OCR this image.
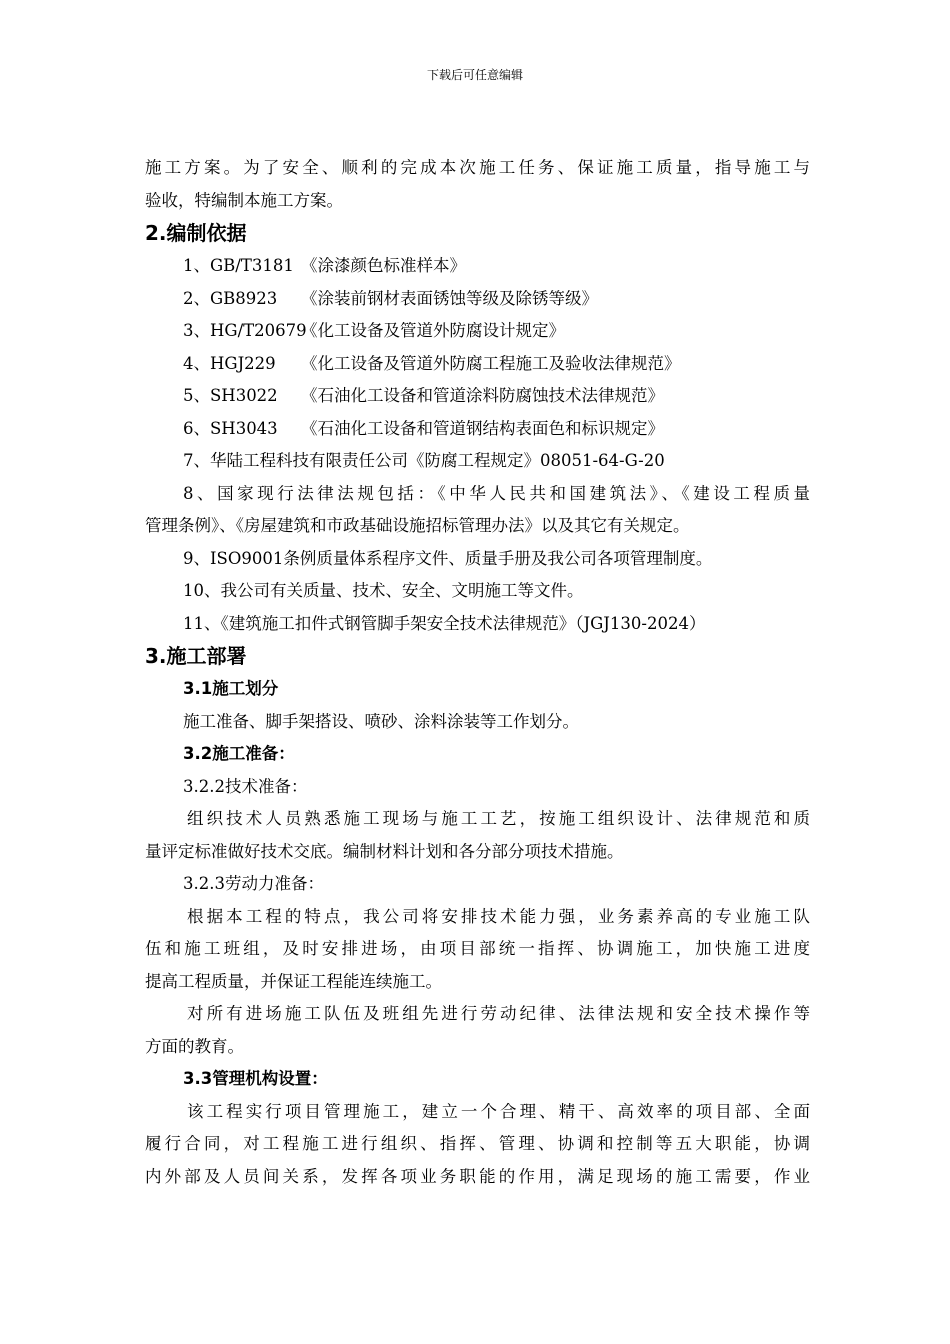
下载后可任意编辑
施工方案。为了安全、顺利的完成本次施工任务、保证施工质量，指导施工与
验收，特编制本施工方案。
2.编制依据
1、GB/T3181 《涂漆颜色标准样本》
2、GB8923 《涂装前钢材表面锈蚀等级及除锈等级》
3、HG/T20679《化工设备及管道外防腐设计规定》
4、HGJ229 《化工设备及管道外防腐工程施工及验收法律规范》
5、SH3022 《石油化工设备和管道涂料防腐蚀技术法律规范》
6、SH3043 《石油化工设备和管道钢结构表面色和标识规定》
7、华陆工程科技有限责任公司《防腐工程规定》08051-64-G-20
8、国家现行法律法规包括：《中华人民共和国建筑法》、《建设工程质量
管理条例》、《房屋建筑和市政基础设施招标管理办法》以及其它有关规定。
9、ISO9001条例质量体系程序文件、质量手册及我公司各项管理制度。
10、我公司有关质量、技术、安全、文明施工等文件。
11、《建筑施工扣件式钢管脚手架安全技术法律规范》（JGJ130-2024）
3.施工部署
3.1施工划分
施工准备、脚手架搭设、喷砂、涂料涂装等工作划分。
3.2施工准备：
3.2.2技术准备：
组织技术人员熟悉施工现场与施工工艺，按施工组织设计、法律规范和质
量评定标准做好技术交底。编制材料计划和各分部分项技术措施。
3.2.3劳动力准备：
根据本工程的特点，我公司将安排技术能力强，业务素养高的专业施工队
伍和施工班组，及时安排进场，由项目部统一指挥、协调施工，加快施工进度
提高工程质量，并保证工程能连续施工。
对所有进场施工队伍及班组先进行劳动纪律、法律法规和安全技术操作等
方面的教育。
3.3管理机构设置：
该工程实行项目管理施工，建立一个合理、精干、高效率的项目部、全面
履行合同，对工程施工进行组织、指挥、管理、协调和控制等五大职能，协调
内外部及人员间关系，发挥各项业务职能的作用，满足现场的施工需要，作业
